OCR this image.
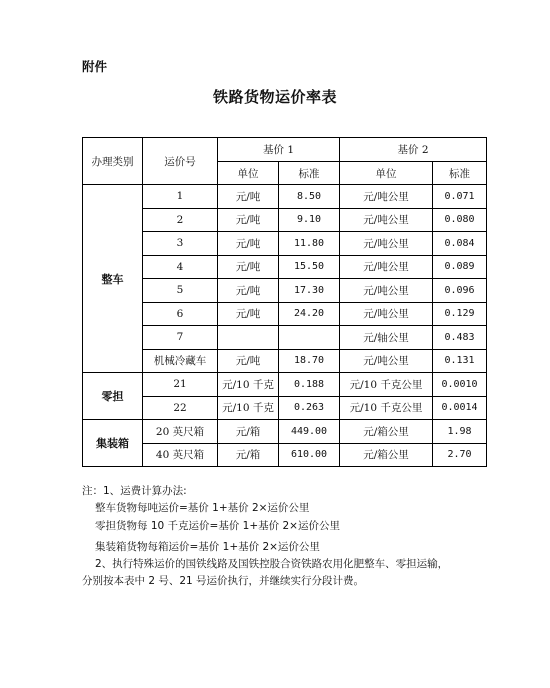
附件
铁路货物运价率表
办理类别	运价号	基价 1		基价 2	
		单位	标准	单位	标准
整车	1	元/吨	8.50	元/吨公里	0.071
	2	元/吨	9.10	元/吨公里	0.080
	3	元/吨	11.80	元/吨公里	0.084
	4	元/吨	15.50	元/吨公里	0.089
	5	元/吨	17.30	元/吨公里	0.096
	6	元/吨	24.20	元/吨公里	0.129
	7			元/轴公里	0.483
	机械冷藏车	元/吨	18.70	元/吨公里	0.131
零担	21	元/10 千克	0.188	元/10 千克公里	0.0010
	22	元/10 千克	0.263	元/10 千克公里	0.0014
集装箱	20 英尺箱	元/箱	449.00	元/箱公里	1.98
	40 英尺箱	元/箱	610.00	元/箱公里	2.70
注：1、运费计算办法:
整车货物每吨运价=基价 1+基价 2×运价公里
零担货物每 10 千克运价=基价 1+基价 2×运价公里
集装箱货物每箱运价=基价 1+基价 2×运价公里
2、执行特殊运价的国铁线路及国铁控股合资铁路农用化肥整车、零担运输，
分别按本表中 2 号、21 号运价执行，并继续实行分段计费。
